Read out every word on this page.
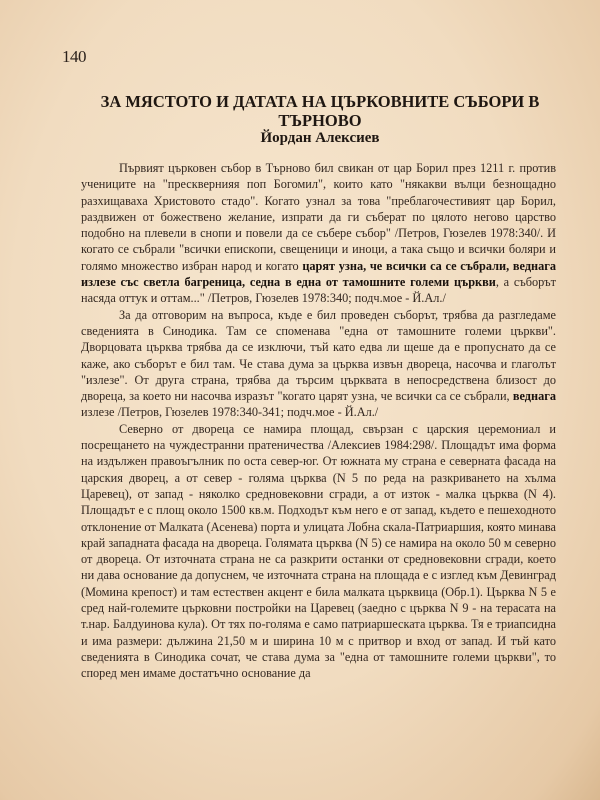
140
ЗА МЯСТОТО И ДАТАТА НА ЦЪРКОВНИТЕ СЪБОРИ В
ТЪРНОВО
Йордан Алексиев

Първият църковен събор в Търново бил свикан от цар Борил през 1211 г. против учениците на "пресквернияя поп Богомил", които като "някакви вълци безнощадно разхищаваха Христовото стадо". Когато узнал за това "преблагочестивият цар Борил, раздвижен от божествено желание, изпрати да ги съберат по цялото негово царство подобно на плевели в снопи и повели да се събере събор" /Петров, Гюзелев 1978:340/. И когато се събрали "всички епископи, свещеници и иноци, а така също и всички боляри и голямо множество избран народ и когато царят узна, че всички са се събрали, веднага излезе със светла багреница, седна в една от тамошните големи църкви, а съборът насяда оттук и оттам..." /Петров, Гюзелев 1978:340; подч.мое - Й.Ал./

За да отговорим на въпроса, къде е бил проведен съборът, трябва да разгледаме сведенията в Синодика. Там се споменава "една от тамошните големи църкви". Дворцовата църква трябва да се изключи, тъй като едва ли щеше да е пропуснато да се каже, ако съборът е бил там. Че става дума за църква извън двореца, насочва и глаголът "излезе". От друга страна, трябва да търсим църквата в непосредствена близост до двореца, за което ни насочва изразът "когато царят узна, че всички са се събрали, веднага излезе /Петров, Гюзелев 1978:340-341; подч.мое - Й.Ал./

Северно от двореца се намира площад, свързан с царския церемониал и посрещането на чуждестранни пратеничества /Алексиев 1984:298/. Площадът има форма на издължен правоъгълник по оста север-юг. От южната му страна е северната фасада на царския дворец, а от север - голяма църква (N 5 по реда на разкриването на хълма Царевец), от запад - няколко средновековни сгради, а от изток - малка църква (N 4). Площадът е с площ около 1500 кв.м. Подходът към него е от запад, където е пешеходното отклонение от Малката (Асенева) порта и улицата Лобна скала-Патриаршия, която минава край западната фасада на двореца. Голямата църква (N 5) се намира на около 50 м северно от двореца. От източната страна не са разкрити останки от средновековни сгради, което ни дава основание да допуснем, че източната страна на площада е с изглед към Девинград (Момина крепост) и там естествен акцент е била малката църквица (Обр.1). Църква N 5 е сред най-големите църковни постройки на Царевец (заедно с църква N 9 - на терасата на т.нар. Балдуинова кула). От тях по-голяма е само патриаршеската църква. Тя е триапсидна и има размери: дължина 21,50 м и ширина 10 м с притвор и вход от запад. И тъй като сведенията в Синодика сочат, че става дума за "една от тамошните големи църкви", то според мен имаме достатъчно основание да
